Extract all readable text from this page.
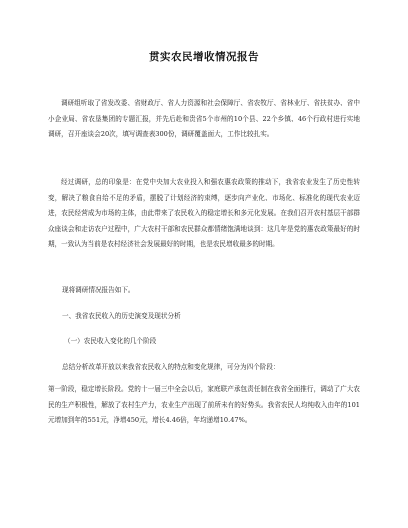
贯实农民增收情况报告

调研组听取了省发改委、省财政厅、省人力资源和社会保障厅、省农牧厅、省林业厅、省扶贫办、省中小企业局、省农垦集团的专题汇报，并先后赴和贵省5个市州的10个县、22个乡镇、46个行政村进行实地调研，召开座谈会20次，填写调查表300份，调研覆盖面大，工作比较扎实。

经过调研，总的印象是：在党中央加大农业投入和强农惠农政策的推动下，我省农业发生了历史性转变，解决了粮食自给不足的矛盾，摆脱了计划经济的束缚，逐步向产业化、市场化、标准化的现代农业迈进，农民经营成为市场的主体，由此带来了农民收入的稳定增长和多元化发展。在我们召开农村基层干部群众座谈会和走访农户过程中，广大农村干部和农民群众都情绪饱满地谈到：这几年是党的惠农政策最好的时期，一致认为当前是农村经济社会发展最好的时期，也是农民增收最多的时期。

现将调研情况报告如下。

一、我省农民收入的历史演变及现状分析

（一）农民收入变化的几个阶段

总结分析改革开放以来我省农民收入的特点和变化规律，可分为四个阶段：

第一阶段，稳定增长阶段。党的十一届三中全会以后，家庭联产承包责任制在我省全面推行，调动了广大农民的生产积极性，解放了农村生产力，农业生产出现了前所未有的好势头。我省农民人均纯收入由年的101元增加到年的551元，净增450元，增长4.46倍，年均递增10.47%。
